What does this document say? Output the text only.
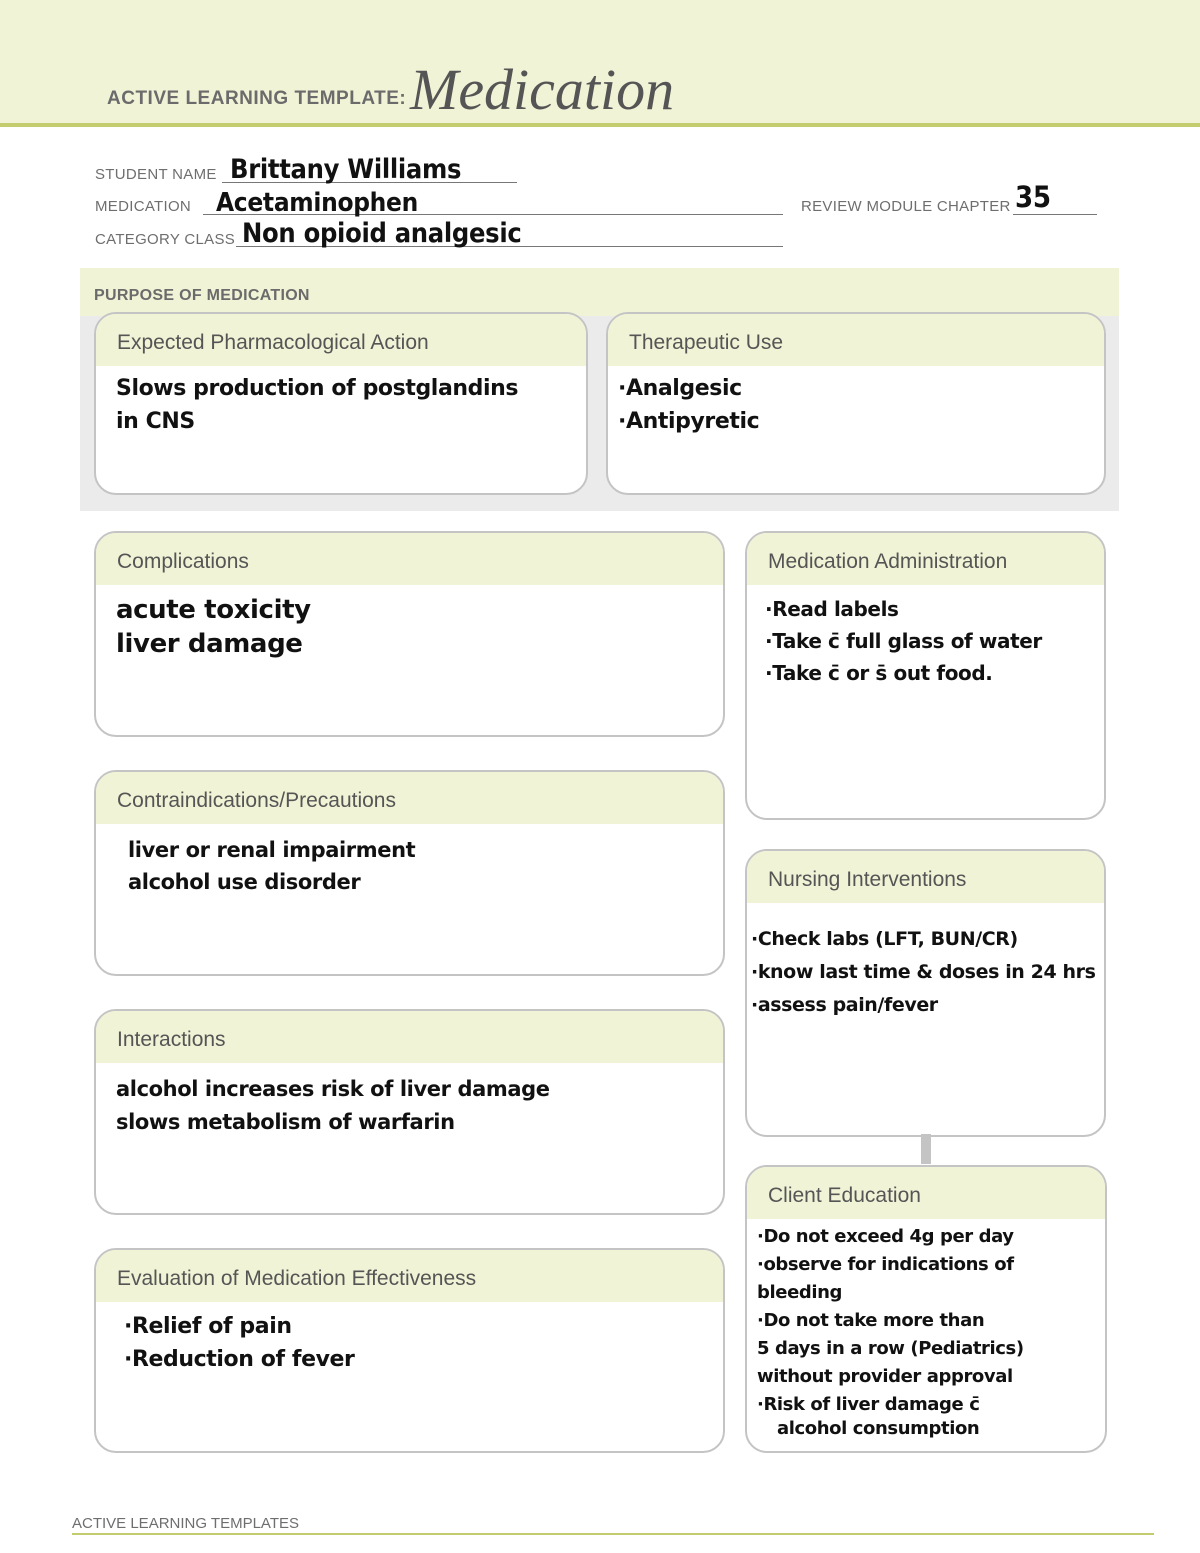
ACTIVE LEARNING TEMPLATE: Medication
STUDENT NAME Brittany Williams
MEDICATION Acetaminophen	REVIEW MODULE CHAPTER 35
CATEGORY CLASS Non opioid analgesic
PURPOSE OF MEDICATION
Expected Pharmacological Action
Slows production of postglandins
in CNS
Therapeutic Use
·Analgesic
·Antipyretic
Complications
acute toxicity
liver damage
Medication Administration
·Read labels
·Take c̄ full glass of water
·Take c̄ or s̄ out food.
Contraindications/Precautions
liver or renal impairment
alcohol use disorder	Nursing Interventions
·Check labs (LFT, BUN/CR)
·know last time & doses in 24 hrs
·assess pain/fever
Interactions
alcohol increases risk of liver damage
slows metabolism of warfarin
Client Education
·Do not exceed 4g per day
·observe for indications of
bleeding
·Do not take more than
5 days in a row (Pediatrics)
without provider approval
·Risk of liver damage c̄
alcohol consumption
Evaluation of Medication Effectiveness
·Relief of pain
·Reduction of fever
ACTIVE LEARNING TEMPLATES
